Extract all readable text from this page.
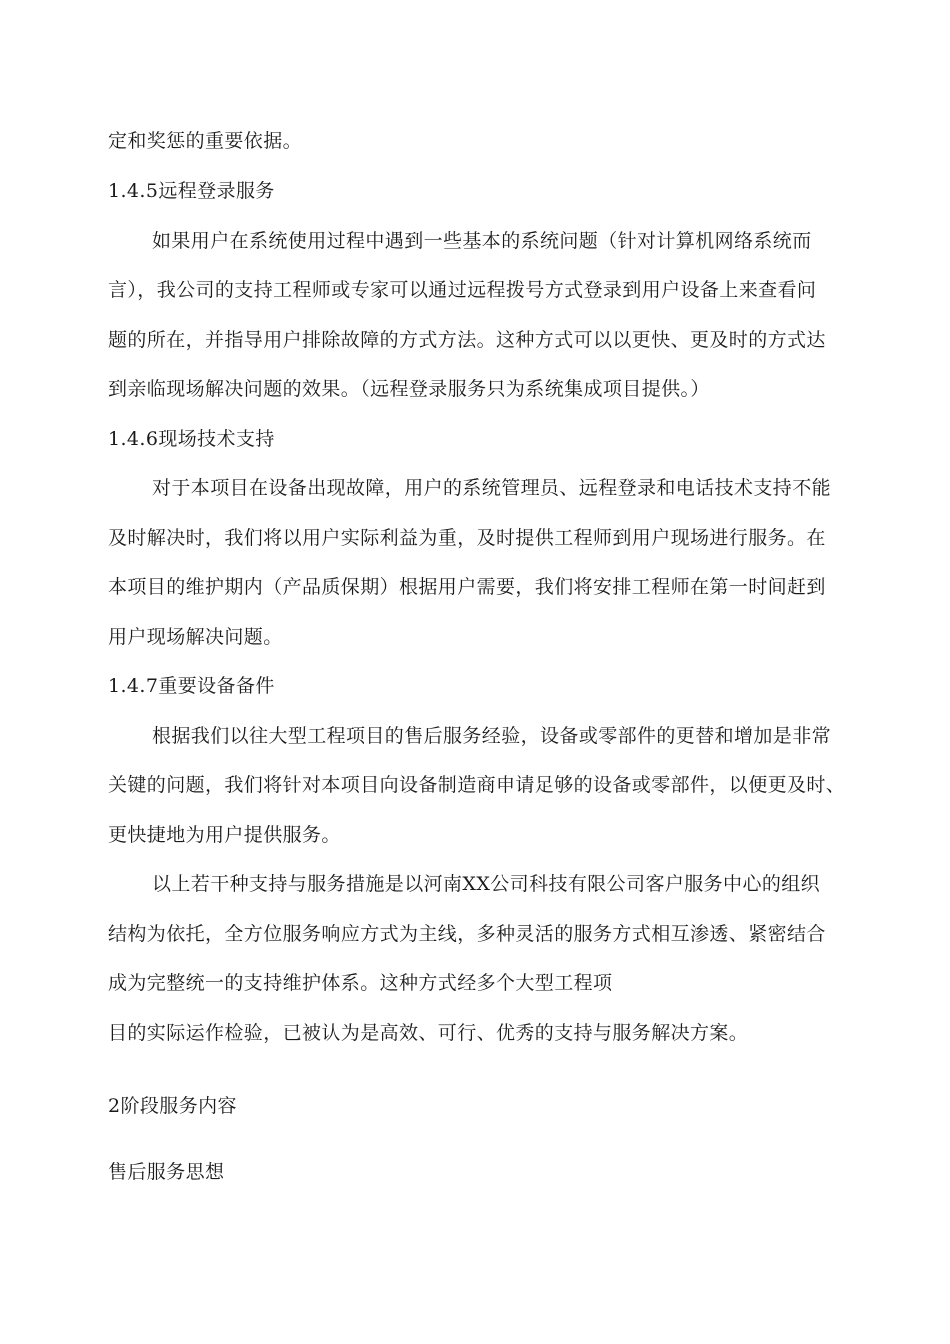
定和奖惩的重要依据。
1.4.5远程登录服务
如果用户在系统使用过程中遇到一些基本的系统问题（针对计算机网络系统而
言），我公司的支持工程师或专家可以通过远程拨号方式登录到用户设备上来查看问
题的所在，并指导用户排除故障的方式方法。这种方式可以以更快、更及时的方式达
到亲临现场解决问题的效果。（远程登录服务只为系统集成项目提供。）
1.4.6现场技术支持
对于本项目在设备出现故障，用户的系统管理员、远程登录和电话技术支持不能
及时解决时，我们将以用户实际利益为重，及时提供工程师到用户现场进行服务。在
本项目的维护期内（产品质保期）根据用户需要，我们将安排工程师在第一时间赶到
用户现场解决问题。
1.4.7重要设备备件
根据我们以往大型工程项目的售后服务经验，设备或零部件的更替和增加是非常
关键的问题，我们将针对本项目向设备制造商申请足够的设备或零部件，以便更及时、
更快捷地为用户提供服务。
以上若干种支持与服务措施是以河南XX公司科技有限公司客户服务中心的组织
结构为依托，全方位服务响应方式为主线，多种灵活的服务方式相互渗透、紧密结合
成为完整统一的支持维护体系。这种方式经多个大型工程项
目的实际运作检验，已被认为是高效、可行、优秀的支持与服务解决方案。
2阶段服务内容
售后服务思想
